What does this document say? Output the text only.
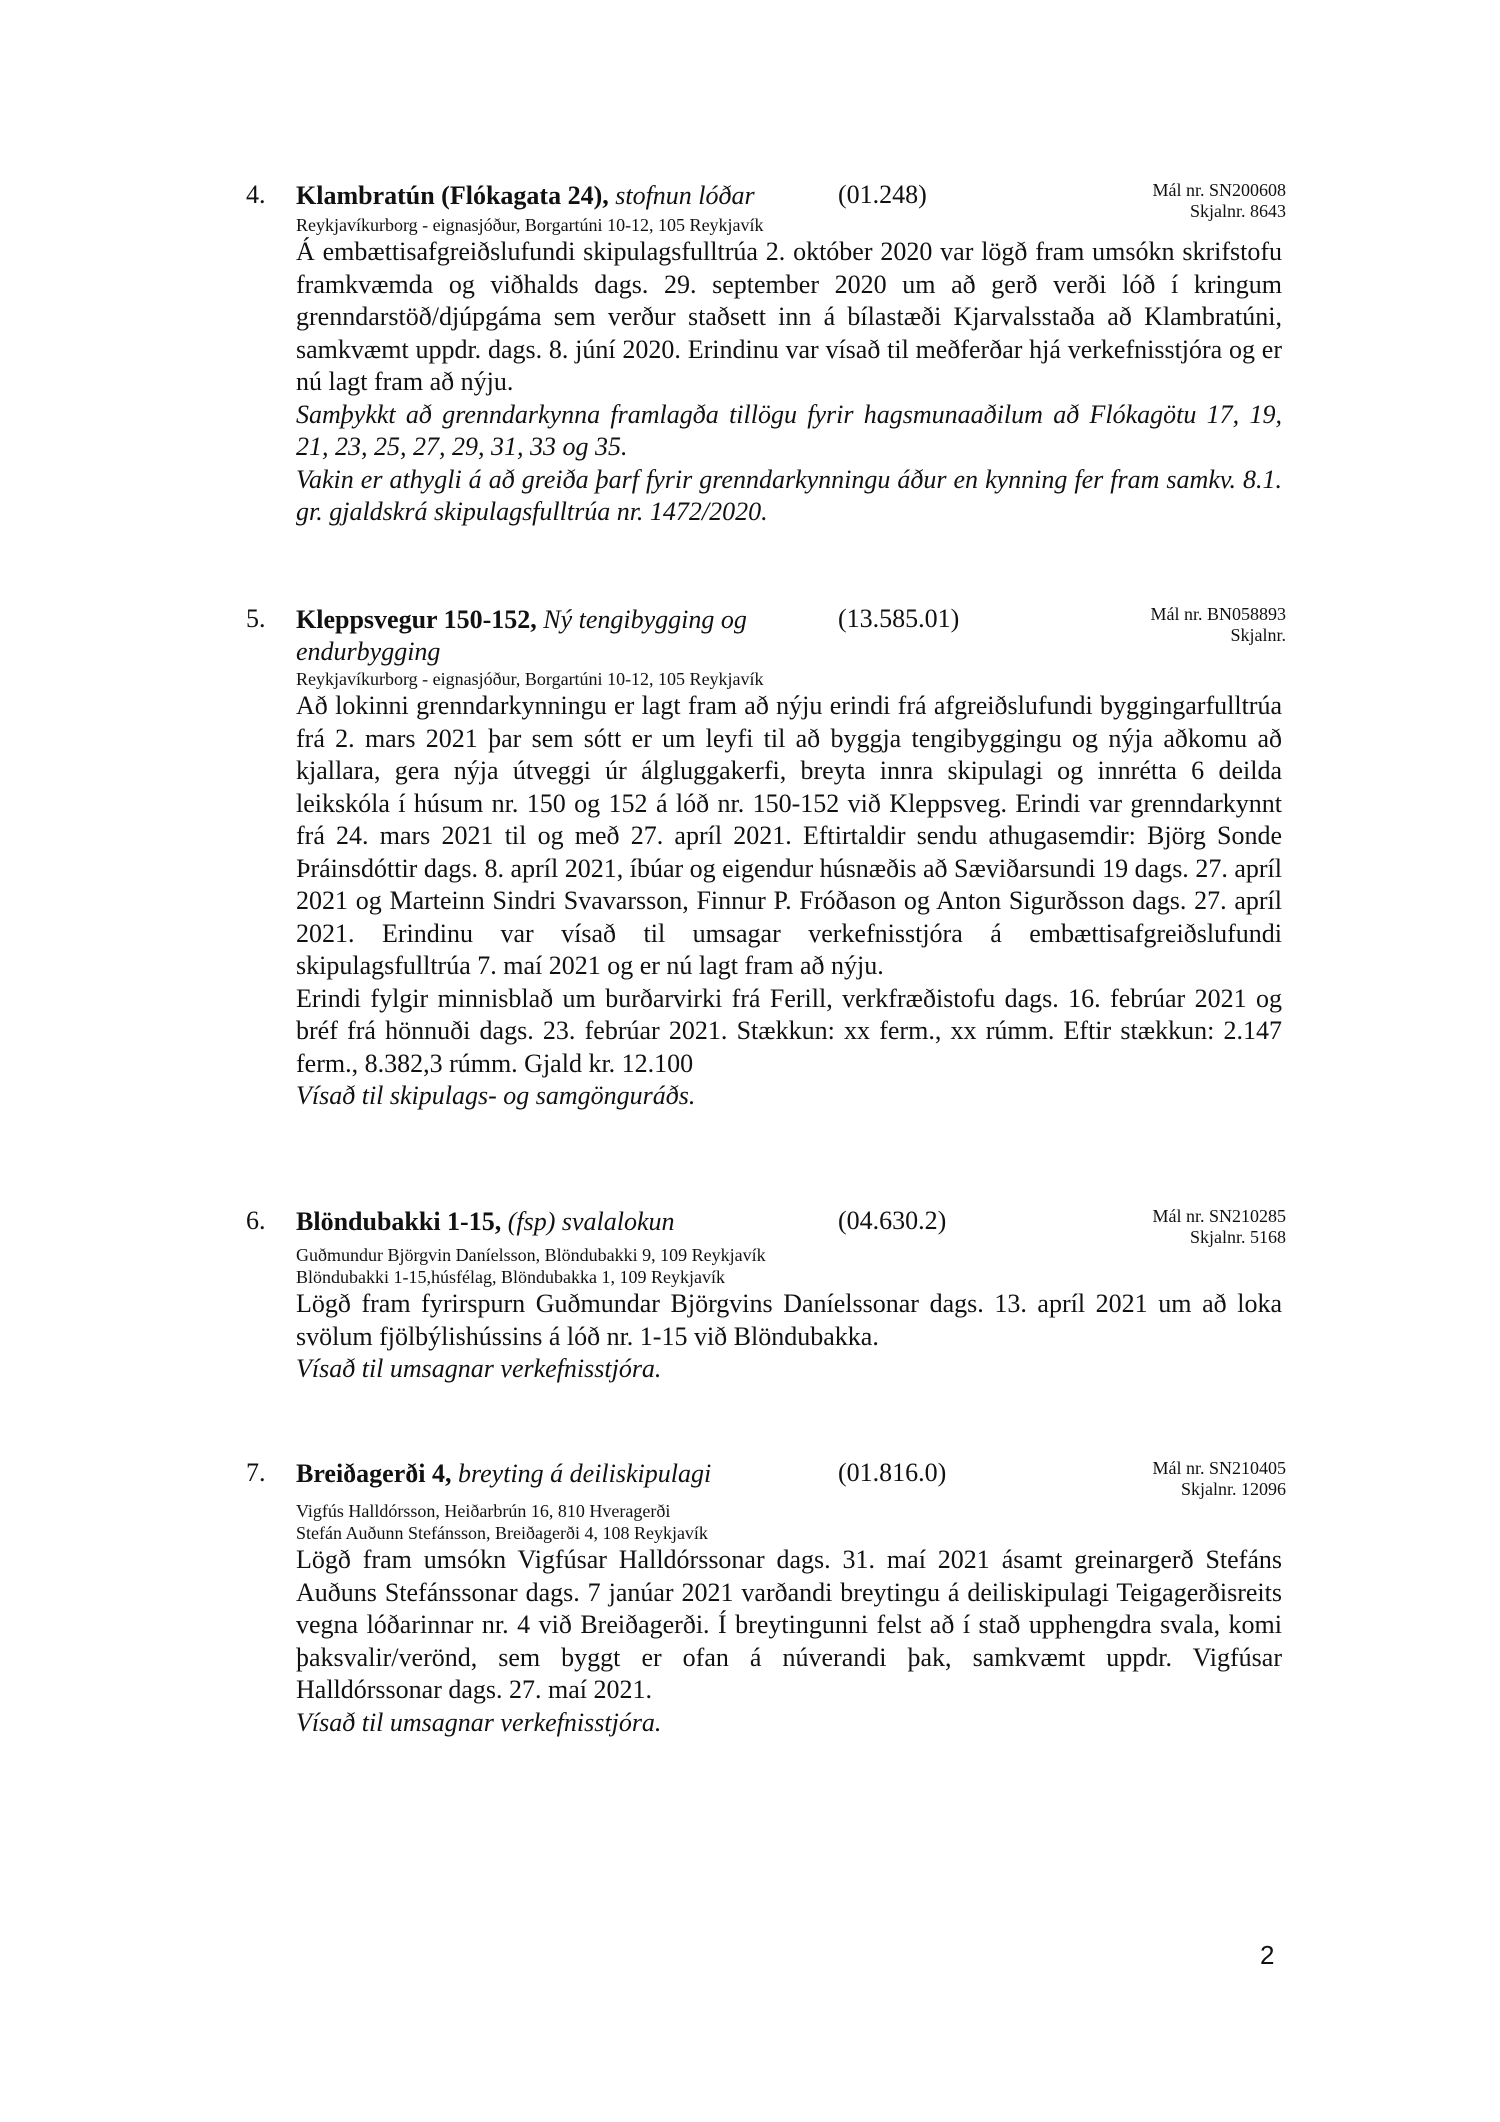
4. Klambratún (Flókagata 24), stofnun lóðar	(01.248)	Mál nr. SN200608
Skjalnr. 8643
Reykjavíkurborg - eignasjóður, Borgartúni 10-12, 105 Reykjavík

Á embættisafgreiðslufundi skipulagsfulltrúa 2. október 2020 var lögð fram umsókn skrifstofu framkvæmda og viðhalds dags. 29. september 2020 um að gerð verði lóð í kringum grenndarstöð/djúpgáma sem verður staðsett inn á bílastæði Kjarvalsstaða að Klambratúni, samkvæmt uppdr. dags. 8. júní 2020. Erindinu var vísað til meðferðar hjá verkefnisstjóra og er nú lagt fram að nýju.

Samþykkt að grenndarkynna framlagða tillögu fyrir hagsmunaaðilum að Flókagötu 17, 19, 21, 23, 25, 27, 29, 31, 33 og 35.

Vakin er athygli á að greiða þarf fyrir grenndarkynningu áður en kynning fer fram samkv. 8.1. gr. gjaldskrá skipulagsfulltrúa nr. 1472/2020.

5. Kleppsvegur 150-152, Ný tengibygging og endurbygging
(13.585.01)	Mál nr. BN058893
Skjalnr.
Reykjavíkurborg - eignasjóður, Borgartúni 10-12, 105 Reykjavík

Að lokinni grenndarkynningu er lagt fram að nýju erindi frá afgreiðslufundi byggingarfulltrúa frá 2. mars 2021 þar sem sótt er um leyfi til að byggja tengibyggingu og nýja aðkomu að kjallara, gera nýja útveggi úr álgluggakerfi, breyta innra skipulagi og innrétta 6 deilda leikskóla í húsum nr. 150 og 152 á lóð nr. 150-152 við Kleppsveg. Erindi var grenndarkynnt frá 24. mars 2021 til og með 27. apríl 2021. Eftirtaldir sendu athugasemdir: Björg Sonde Þráinsdóttir dags. 8. apríl 2021, íbúar og eigendur húsnæðis að Sæviðarsundi 19 dags. 27. apríl 2021 og Marteinn Sindri Svavarsson, Finnur P. Fróðason og Anton Sigurðsson dags. 27. apríl 2021. Erindinu var vísað til umsagar verkefnisstjóra á embættisafgreiðslufundi skipulagsfulltrúa 7. maí 2021 og er nú lagt fram að nýju.

Erindi fylgir minnisblað um burðarvirki frá Ferill, verkfræðistofu dags. 16. febrúar 2021 og bréf frá hönnuði dags. 23. febrúar 2021. Stækkun: xx ferm., xx rúmm. Eftir stækkun: 2.147 ferm., 8.382,3 rúmm. Gjald kr. 12.100

Vísað til skipulags- og samgönguráðs.

6. Blöndubakki 1-15, (fsp) svalalokun	(04.630.2)	Mál nr. SN210285
Skjalnr. 5168
Guðmundur Björgvin Daníelsson, Blöndubakki 9, 109 Reykjavík
Blöndubakki 1-15,húsfélag, Blöndubakka 1, 109 Reykjavík

Lögð fram fyrirspurn Guðmundar Björgvins Daníelssonar dags. 13. apríl 2021 um að loka svölum fjölbýlishússins á lóð nr. 1-15 við Blöndubakka.

Vísað til umsagnar verkefnisstjóra.

7. Breiðagerði 4, breyting á deiliskipulagi	(01.816.0)	Mál nr. SN210405
Skjalnr. 12096
Vigfús Halldórsson, Heiðarbrún 16, 810 Hveragerði
Stefán Auðunn Stefánsson, Breiðagerði 4, 108 Reykjavík

Lögð fram umsókn Vigfúsar Halldórssonar dags. 31. maí 2021 ásamt greinargerð Stefáns Auðuns Stefánssonar dags. 7 janúar 2021 varðandi breytingu á deiliskipulagi Teigagerðisreits vegna lóðarinnar nr. 4 við Breiðagerði. Í breytingunni felst að í stað upphengdra svala, komi þaksvalir/verönd, sem byggt er ofan á núverandi þak, samkvæmt uppdr. Vigfúsar Halldórssonar dags. 27. maí 2021.

Vísað til umsagnar verkefnisstjóra.

2
